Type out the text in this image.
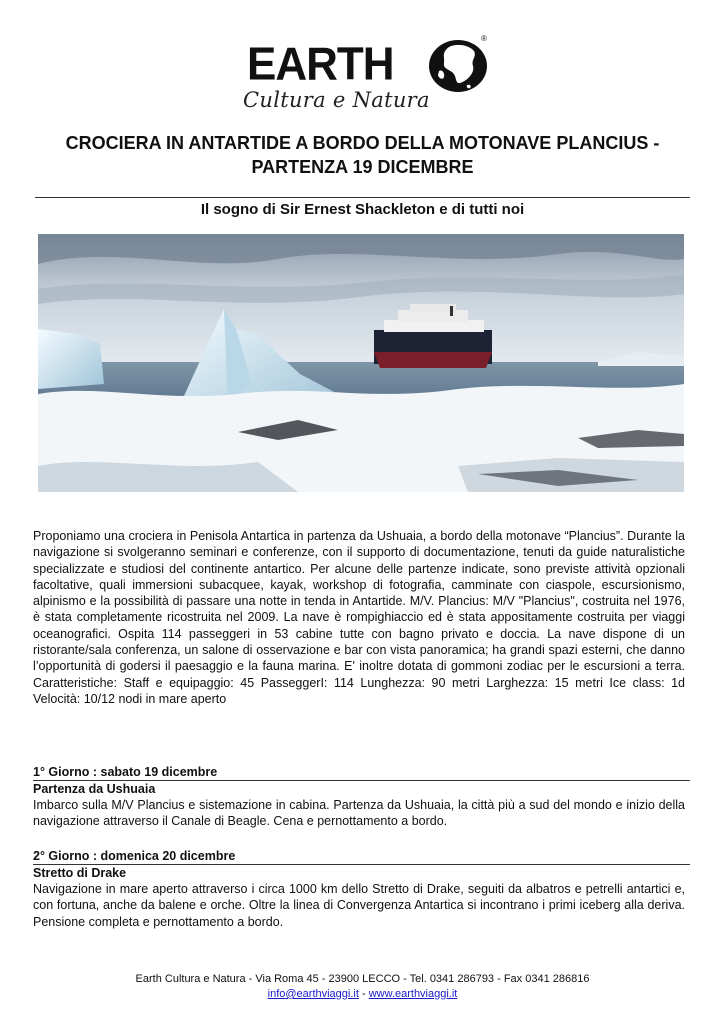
EARTH
®
Cultura e Natura
CROCIERA IN ANTARTIDE A BORDO DELLA MOTONAVE PLANCIUS - PARTENZA 19 DICEMBRE
Il sogno di Sir Ernest Shackleton e di tutti noi
Proponiamo una crociera in Penisola Antartica in partenza da Ushuaia, a bordo della motonave “Plancius”. Durante la navigazione si svolgeranno seminari e conferenze, con il supporto di documentazione, tenuti da guide naturalistiche specializzate e studiosi del continente antartico. Per alcune delle partenze indicate, sono previste attività opzionali facoltative, quali immersioni subacquee, kayak, workshop di fotografia, camminate con ciaspole, escursionismo, alpinismo e la possibilità di passare una notte in tenda in Antartide. M/V. Plancius: M/V "Plancius", costruita nel 1976, è stata completamente ricostruita nel 2009. La nave è rompighiaccio ed è stata appositamente costruita per viaggi oceanografici. Ospita 114 passeggeri in 53 cabine tutte con bagno privato e doccia. La nave dispone di un ristorante/sala conferenza, un salone di osservazione e bar con vista panoramica; ha grandi spazi esterni, che danno l’opportunità di godersi il paesaggio e la fauna marina. E' inoltre dotata di gommoni zodiac per le escursioni a terra. Caratteristiche: Staff e equipaggio: 45 PasseggerI: 114 Lunghezza: 90 metri Larghezza: 15 metri Ice class: 1d Velocità: 10/12 nodi in mare aperto
1° Giorno : sabato 19 dicembre
Partenza da Ushuaia
Imbarco sulla M/V Plancius e sistemazione in cabina. Partenza da Ushuaia, la città più a sud del mondo e inizio della navigazione attraverso il Canale di Beagle. Cena e pernottamento a bordo.
2° Giorno : domenica 20 dicembre
Stretto di Drake
Navigazione in mare aperto attraverso i circa 1000 km dello Stretto di Drake, seguiti da albatros e petrelli antartici e, con fortuna, anche da balene e orche. Oltre la linea di Convergenza Antartica si incontrano i primi iceberg alla deriva. Pensione completa e pernottamento a bordo.
Earth Cultura e Natura - Via Roma 45 - 23900 LECCO - Tel. 0341 286793 - Fax 0341 286816
info@earthviaggi.it - www.earthviaggi.it
